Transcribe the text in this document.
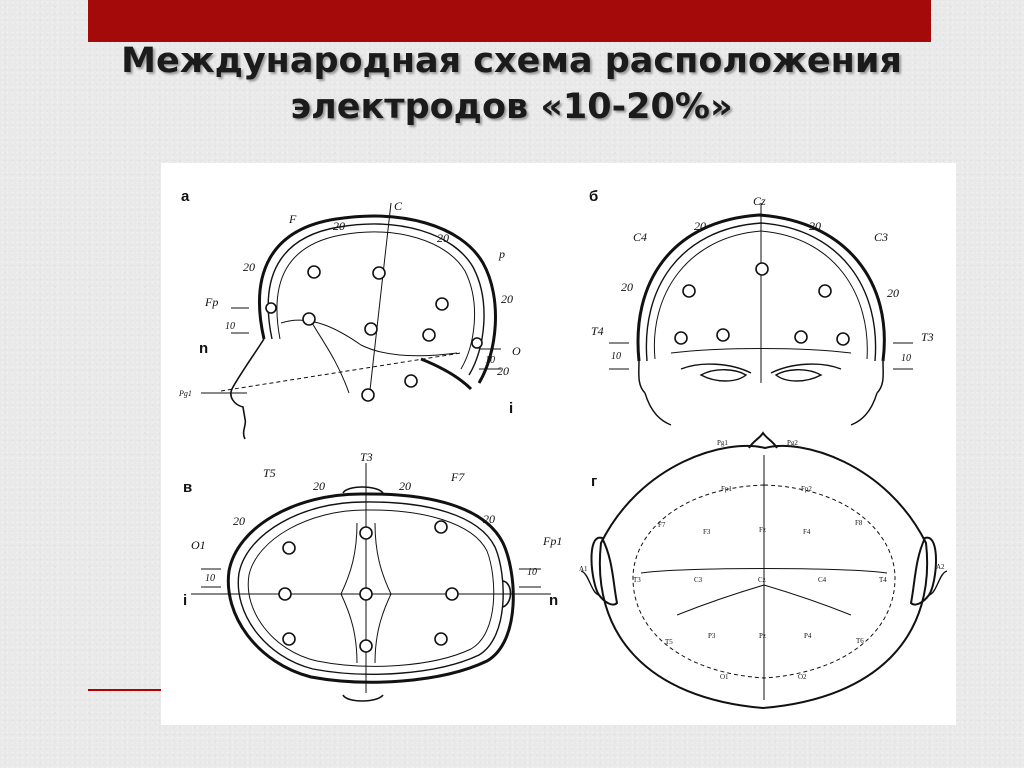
Международная схема расположения
электродов «10-20%»
а
F
C
p
Fp
O
n
Pg1
i
20
20
20
20
20
10
10
б	Cz
C4	C3
T4	T3
20	20
20	20
10	10
в
T5
T3
F7
O1	Fp1
i	n
20	20
20
20
10
10
г
Pg1	Pg2
Fp1	Fp2
F7
F3	Fz	F4
F8
A1
T3	C3	Cz	C4	T4
A2
T5
P3	Pz	P4
T6
O1	O2
